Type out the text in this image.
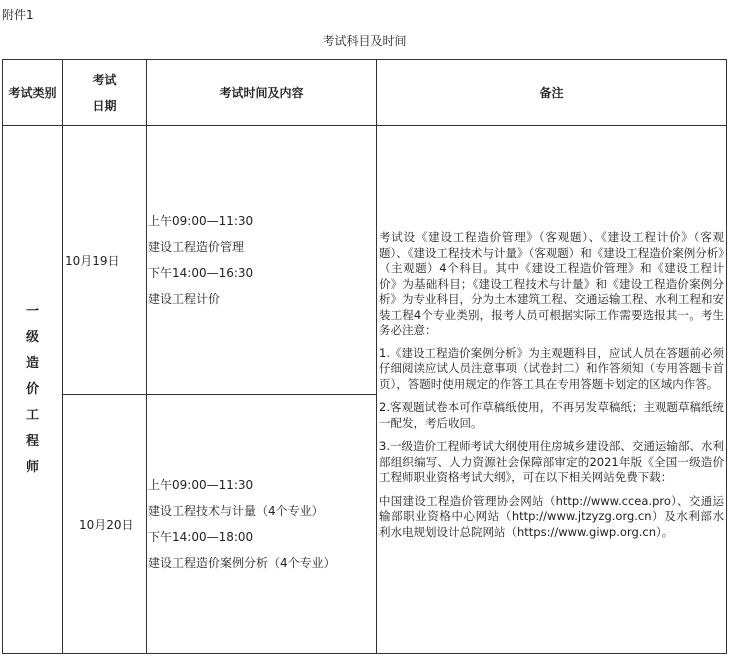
附件1
考试科目及时间
考试类别
考试
日期
考试时间及内容	备注
一
级
造
价
工
程
师
10月19日
上午09:00—11:30
建设工程造价管理
下午14:00—16:30
建设工程计价
10月20日
上午09:00—11:30
建设工程技术与计量（4个专业）
下午14:00—18:00
建设工程造价案例分析（4个专业）

考试设《建设工程造价管理》（客观题）、《建设工程计价》（客观题）、《建设工程技术与计量》（客观题）和《建设工程造价案例分析》（主观题）4个科目。其中《建设工程造价管理》和《建设工程计价》为基础科目；《建设工程技术与计量》和《建设工程造价案例分析》为专业科目，分为土木建筑工程、交通运输工程、水利工程和安装工程4个专业类别，报考人员可根据实际工作需要选报其一。考生务必注意：

1.《建设工程造价案例分析》为主观题科目，应试人员在答题前必须仔细阅读应试人员注意事项（试卷封二）和作答须知（专用答题卡首页），答题时使用规定的作答工具在专用答题卡划定的区域内作答。

2.客观题试卷本可作草稿纸使用，不再另发草稿纸；主观题草稿纸统一配发，考后收回。

3.一级造价工程师考试大纲使用住房城乡建设部、交通运输部、水利部组织编写、人力资源社会保障部审定的2021年版《全国一级造价工程师职业资格考试大纲》，可在以下相关网站免费下载：

中国建设工程造价管理协会网站（http://www.ccea.pro）、交通运输部职业资格中心网站（http://www.jtzyzg.org.cn）及水利部水利水电规划设计总院网站（https://www.giwp.org.cn）。
